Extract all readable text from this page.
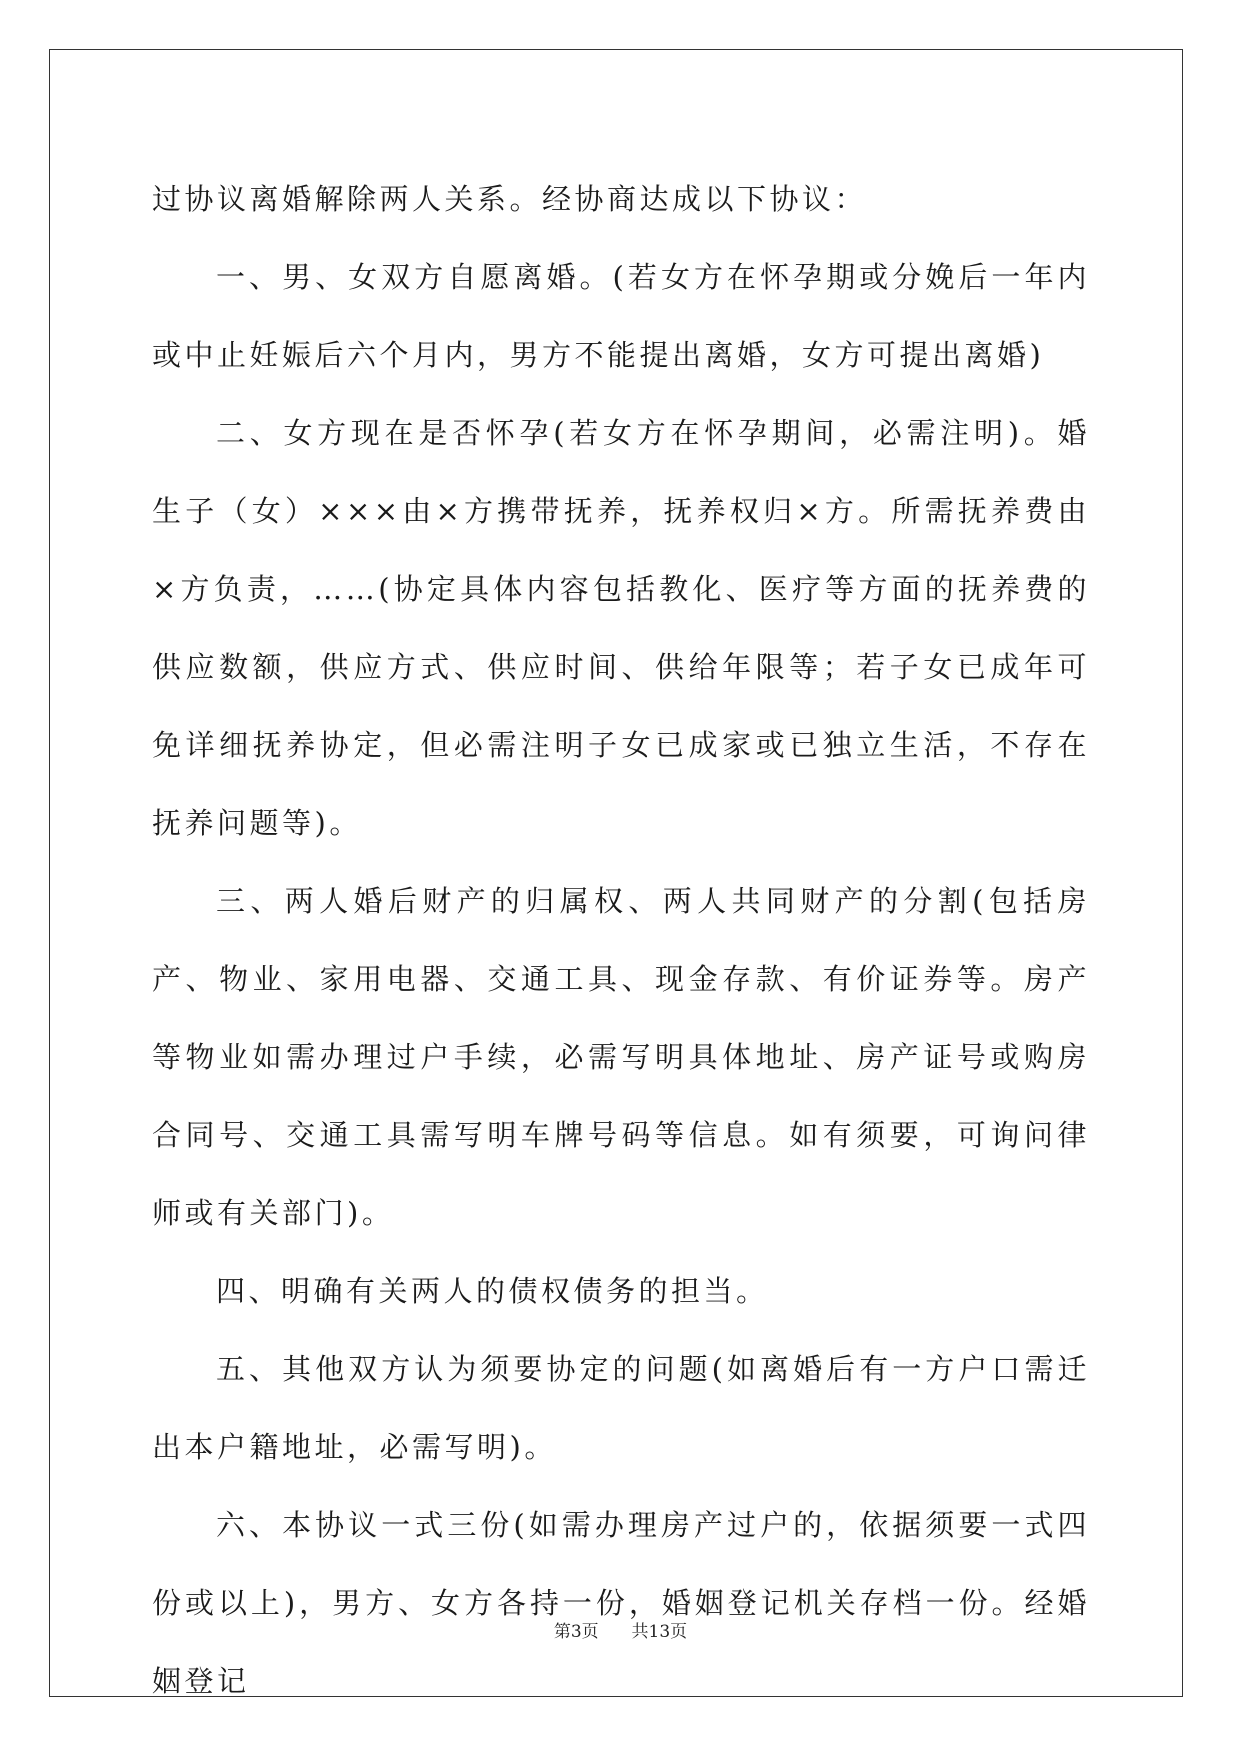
过协议离婚解除两人关系。经协商达成以下协议：

一、男、女双方自愿离婚。(若女方在怀孕期或分娩后一年内或中止妊娠后六个月内，男方不能提出离婚，女方可提出离婚)

二、女方现在是否怀孕(若女方在怀孕期间，必需注明)。婚生子（女）×××由×方携带抚养，抚养权归×方。所需抚养费由×方负责，……(协定具体内容包括教化、医疗等方面的抚养费的供应数额，供应方式、供应时间、供给年限等；若子女已成年可免详细抚养协定，但必需注明子女已成家或已独立生活，不存在抚养问题等)。

三、两人婚后财产的归属权、两人共同财产的分割(包括房产、物业、家用电器、交通工具、现金存款、有价证券等。房产等物业如需办理过户手续，必需写明具体地址、房产证号或购房合同号、交通工具需写明车牌号码等信息。如有须要，可询问律师或有关部门)。

四、明确有关两人的债权债务的担当。

五、其他双方认为须要协定的问题(如离婚后有一方户口需迁出本户籍地址，必需写明)。

六、本协议一式三份(如需办理房产过户的，依据须要一式四份或以上)，男方、女方各持一份，婚姻登记机关存档一份。经婚姻登记

第3页 共13页
